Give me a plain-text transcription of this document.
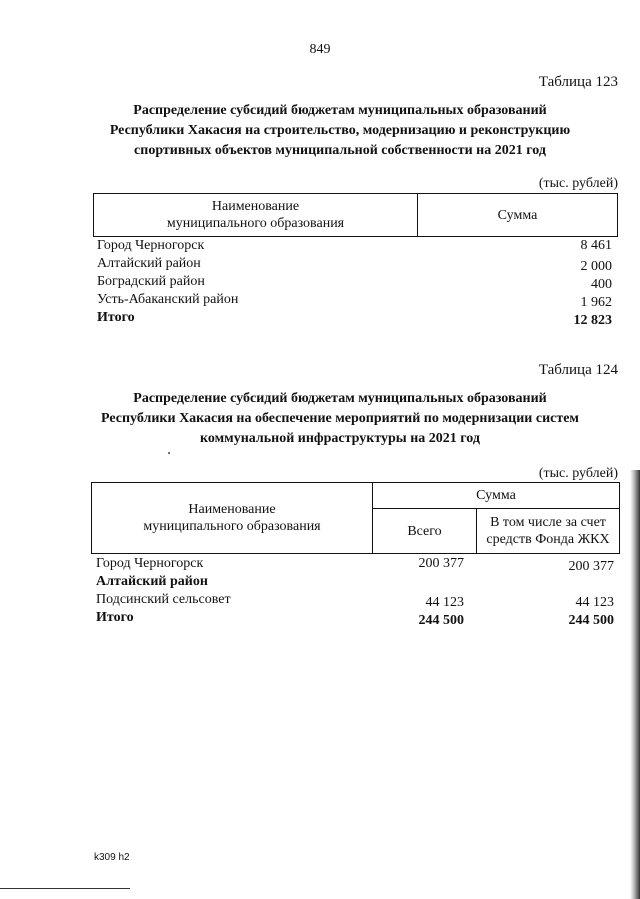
849
Таблица 123
Распределение субсидий бюджетам муниципальных образований
Республики Хакасия на строительство, модернизацию и реконструкцию
спортивных объектов муниципальной собственности на 2021 год
(тыс. рублей)
Наименование
муниципального образования
	Сумма
Город Черногорск	8 461
Алтайский район	2 000
Боградский район	400
Усть-Абаканский район	1 962
Итого	12 823
Таблица 124
Распределение субсидий бюджетам муниципальных образований
Республики Хакасия на обеспечение мероприятий по модернизации систем
коммунальной инфраструктуры на 2021 год
(тыс. рублей)
Наименование
муниципального образования	Сумма	
	Всего	В том числе за счет
средств Фонда ЖКХ
Город Черногорск	200 377	200 377
Алтайский район
Подсинский сельсовет	44 123	44 123
Итого	244 500	244 500
k309 h2
